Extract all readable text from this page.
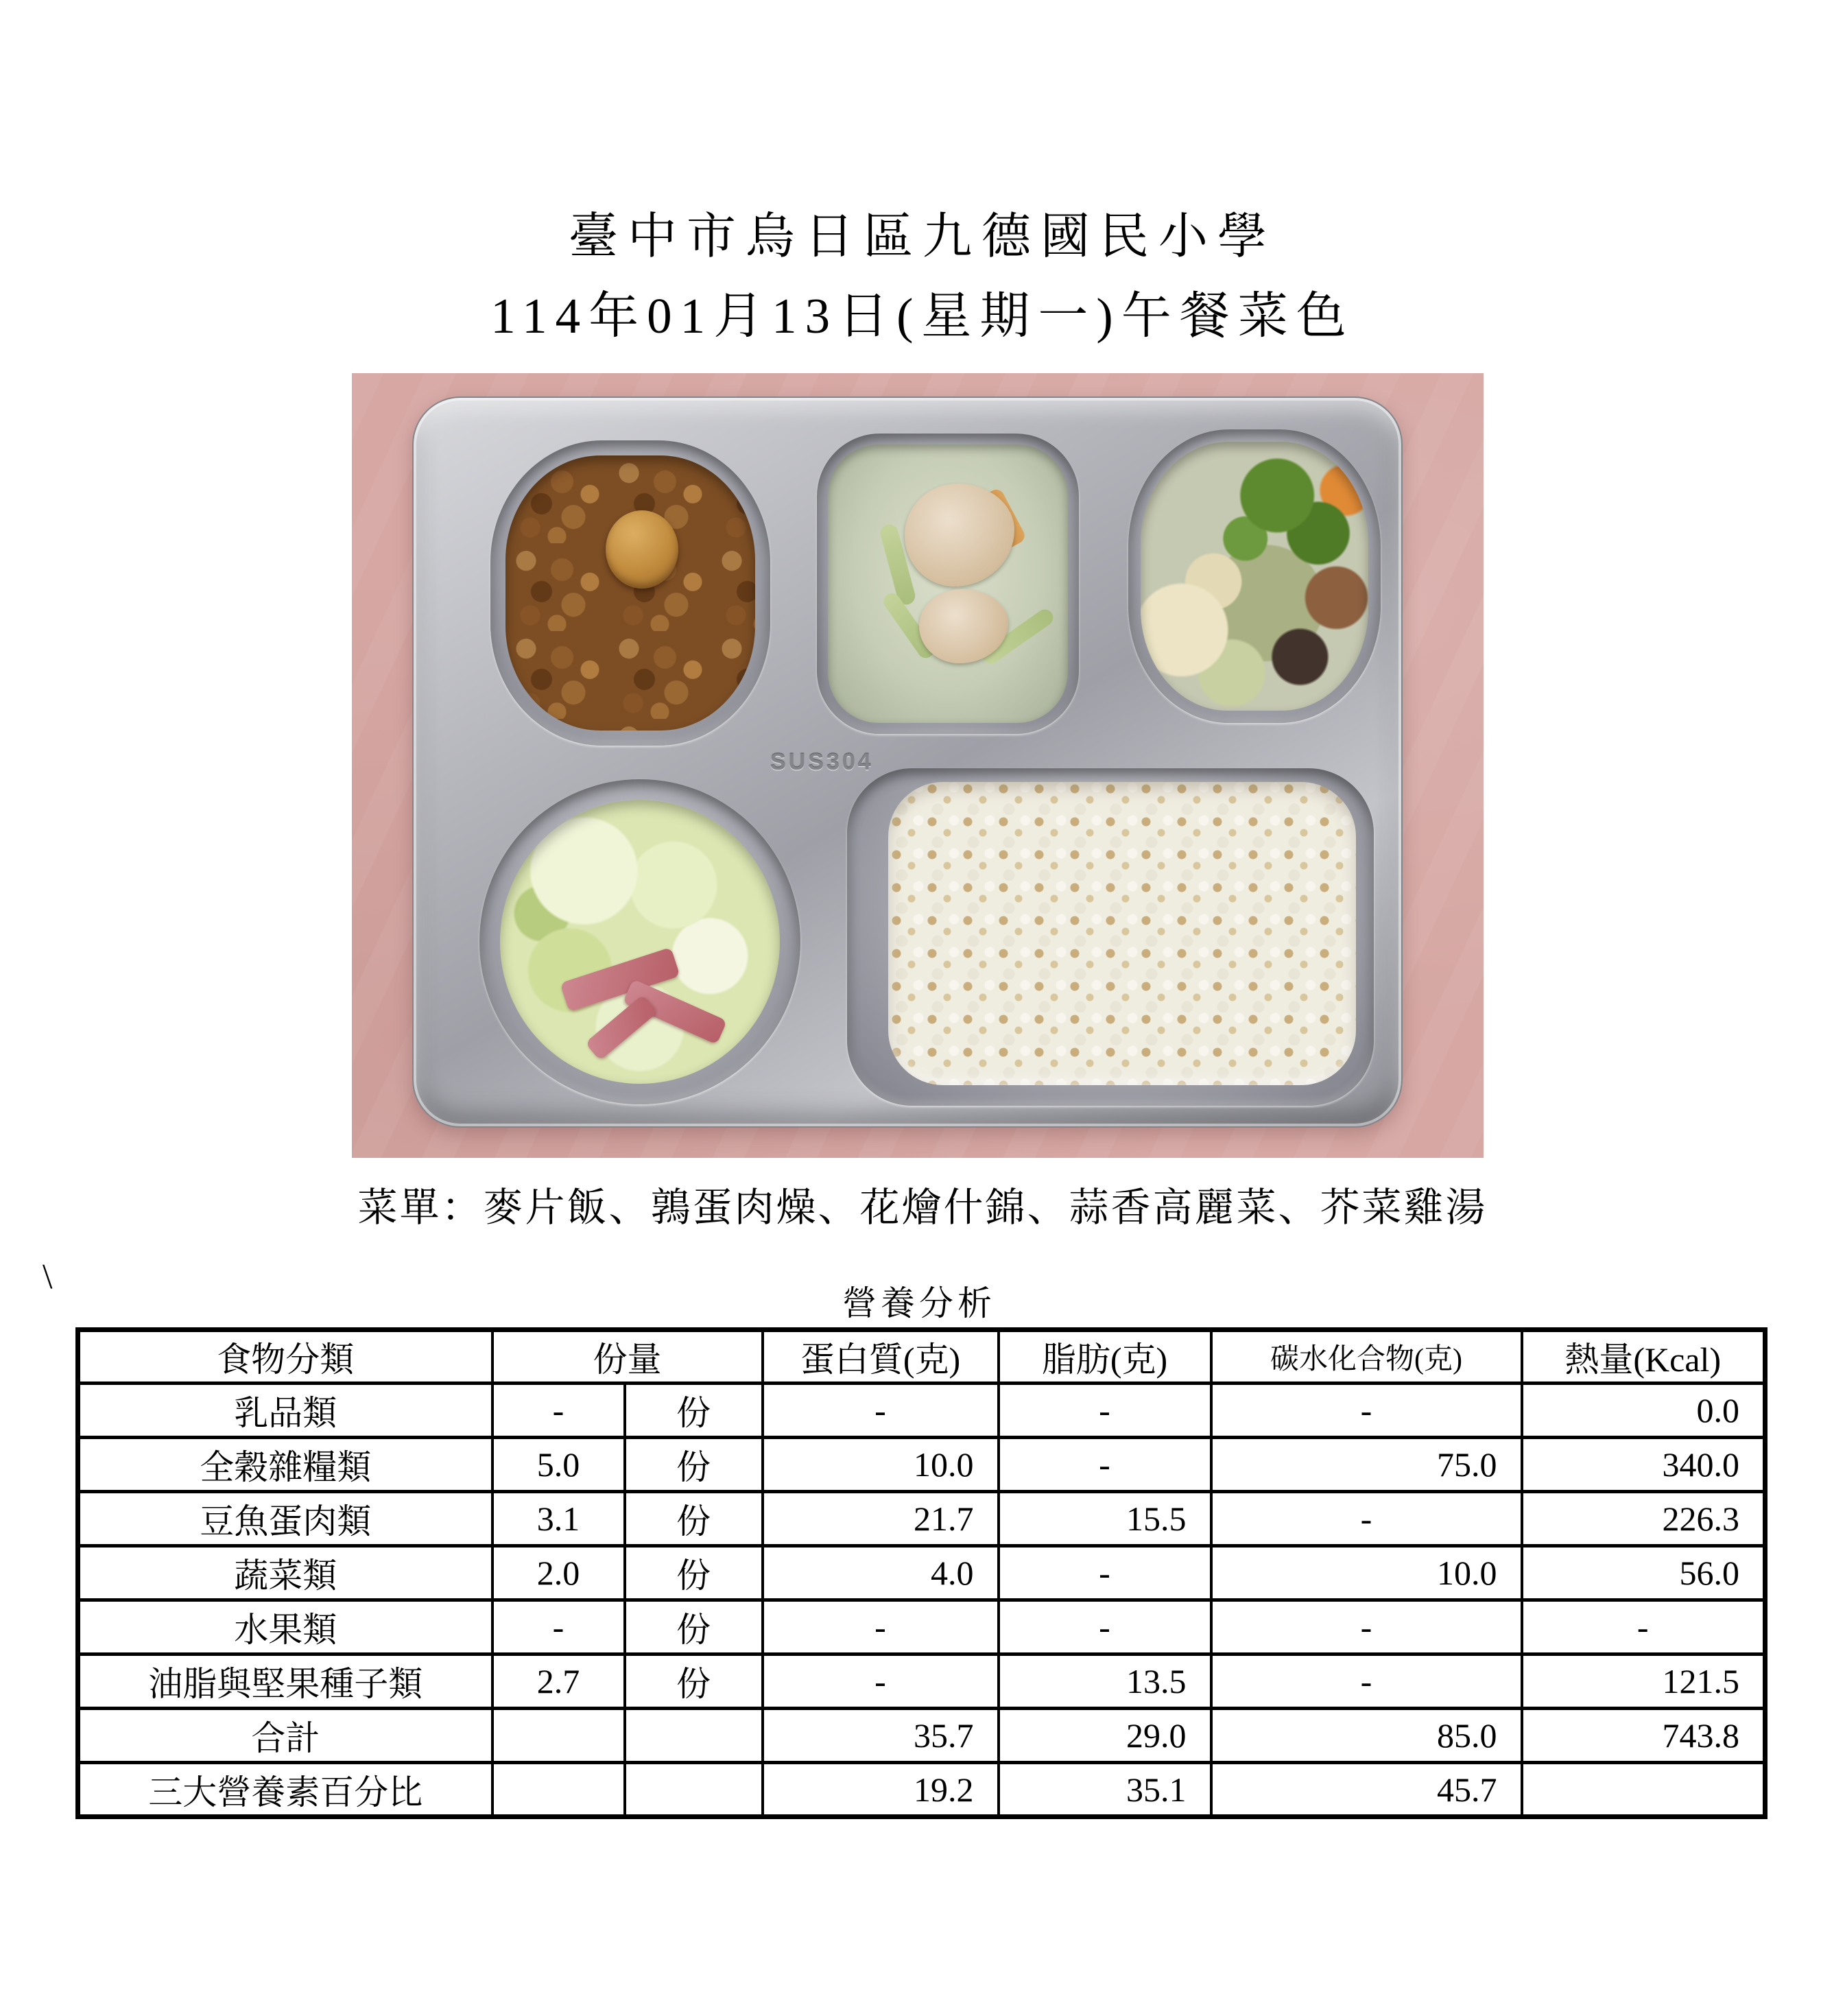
臺中市烏日區九德國民小學
114年01月13日(星期一)午餐菜色
SUS304
菜單：麥片飯、鶉蛋肉燥、花燴什錦、蒜香高麗菜、芥菜雞湯
\
營養分析
食物分類	份量		蛋白質(克)	脂肪(克)	碳水化合物(克)	熱量(Kcal)
乳品類	-	份	-	-	-	0.0
全穀雜糧類	5.0	份	10.0	-	75.0	340.0
豆魚蛋肉類	3.1	份	21.7	15.5	-	226.3
蔬菜類	2.0	份	4.0	-	10.0	56.0
水果類	-	份	-	-	-	-
油脂與堅果種子類	2.7	份	-	13.5	-	121.5
合計			35.7	29.0	85.0	743.8
三大營養素百分比			19.2	35.1	45.7	
